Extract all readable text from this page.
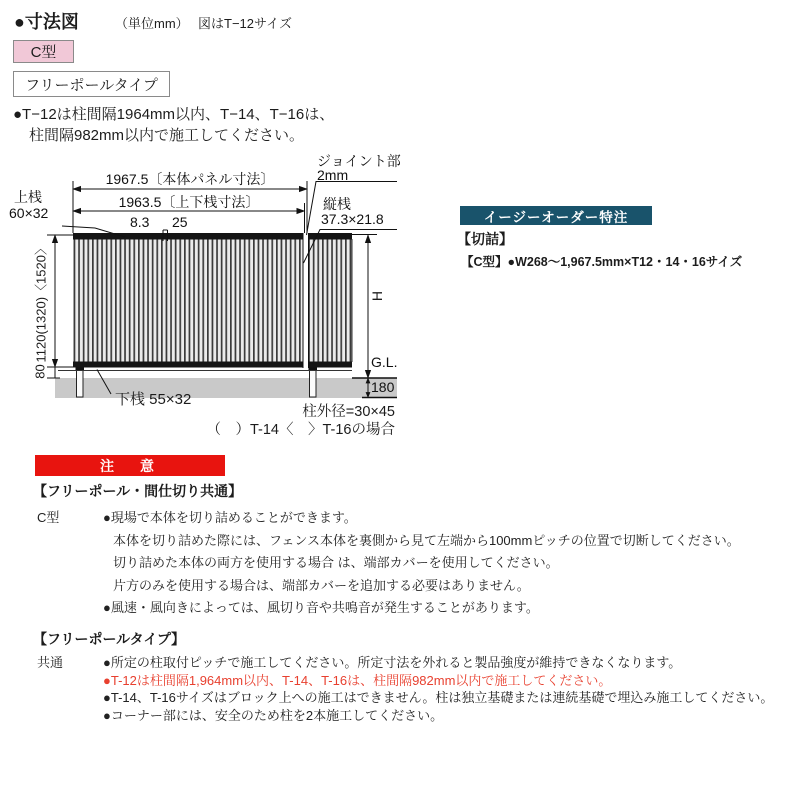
●寸法図	（単位mm） 図はT−12サイズ
C型
フリーポールタイプ
●T−12は柱間隔1964mm以内、T−14、T−16は、
柱間隔982mm以内で施工してください。
1967.5〔本体パネル寸法〕
1963.5〔上下桟寸法〕
上桟
60×32
8.3 25
ジョイント部
2mm
縦桟
37.3×21.8
1120(1320)〈1520〉
80
H
G.L.
180
下桟 55×32
柱外径=30×45
（　）T-14〈　〉T-16の場合
イージーオーダー特注
【切詰】
【C型】●W268～1,967.5mm×T12・14・16サイズ
注　意
【フリーポール・間仕切り共通】
C型	●現場で本体を切り詰めることができます。
本体を切り詰めた際には、フェンス本体を裏側から見て左端から100mmピッチの位置で切断してください。
切り詰めた本体の両方を使用する場合 は、端部カバーを使用してください。
片方のみを使用する場合は、端部カバーを追加する必要はありません。
●風速・風向きによっては、風切り音や共鳴音が発生することがあります。
【フリーポールタイプ】
共通	●所定の柱取付ピッチで施工してください。所定寸法を外れると製品強度が維持できなくなります。
●T-12は柱間隔1,964mm以内、T-14、T-16は、柱間隔982mm以内で施工してください。
●T-14、T-16サイズはブロック上への施工はできません。柱は独立基礎または連続基礎で埋込み施工してください。
●コーナー部には、安全のため柱を2本施工してください。
